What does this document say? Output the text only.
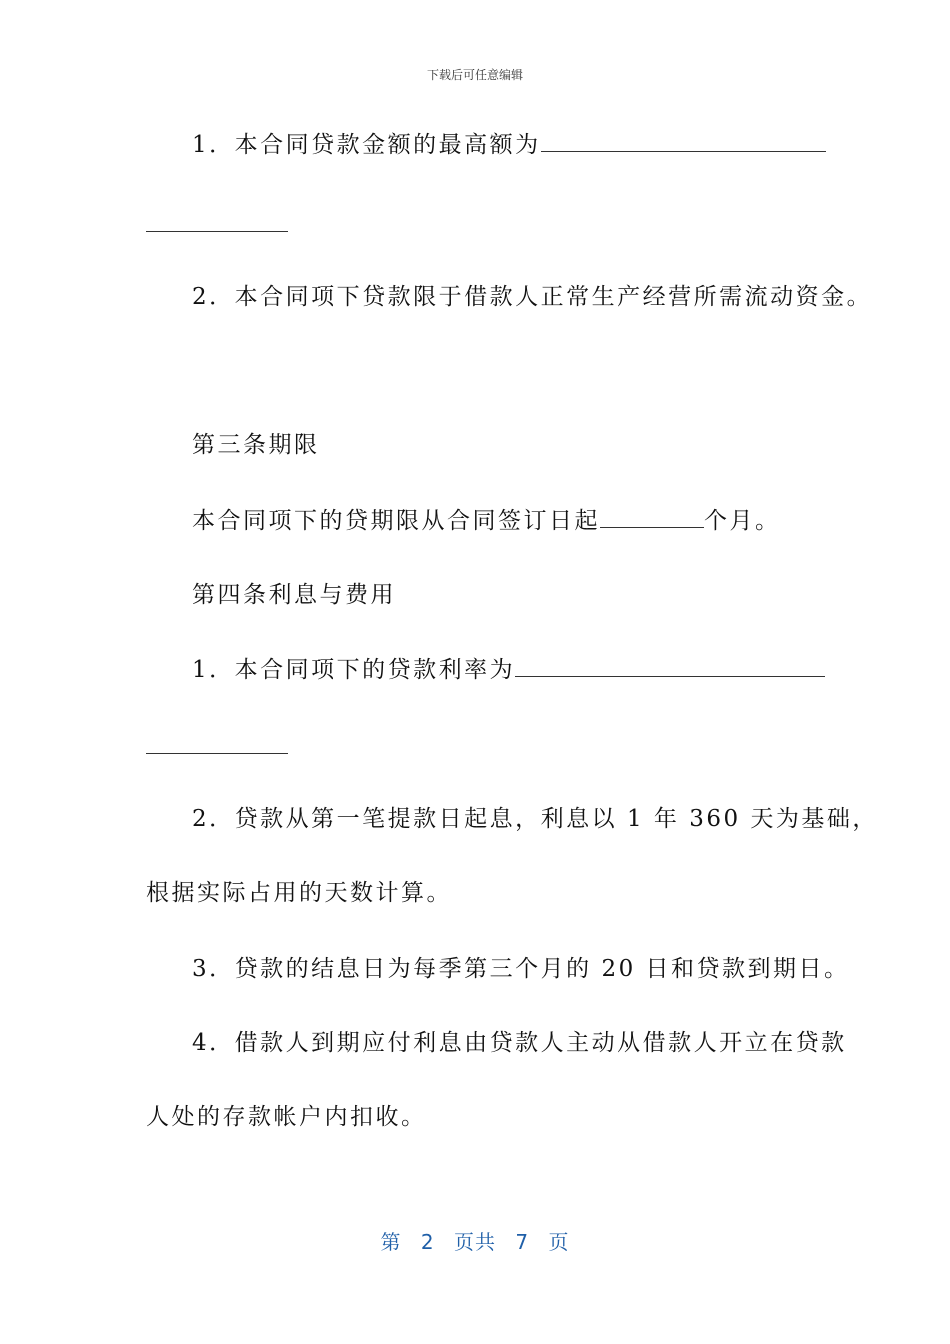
下载后可任意编辑
1．本合同贷款金额的最高额为
2．本合同项下贷款限于借款人正常生产经营所需流动资金。
第三条期限
本合同项下的贷期限从合同签订日起	个月。
第四条利息与费用
1．本合同项下的贷款利率为
2．贷款从第一笔提款日起息，利息以 1 年 360 天为基础，
根据实际占用的天数计算。
3．贷款的结息日为每季第三个月的 20 日和贷款到期日。
4．借款人到期应付利息由贷款人主动从借款人开立在贷款
人处的存款帐户内扣收。
第 2 页共 7 页
